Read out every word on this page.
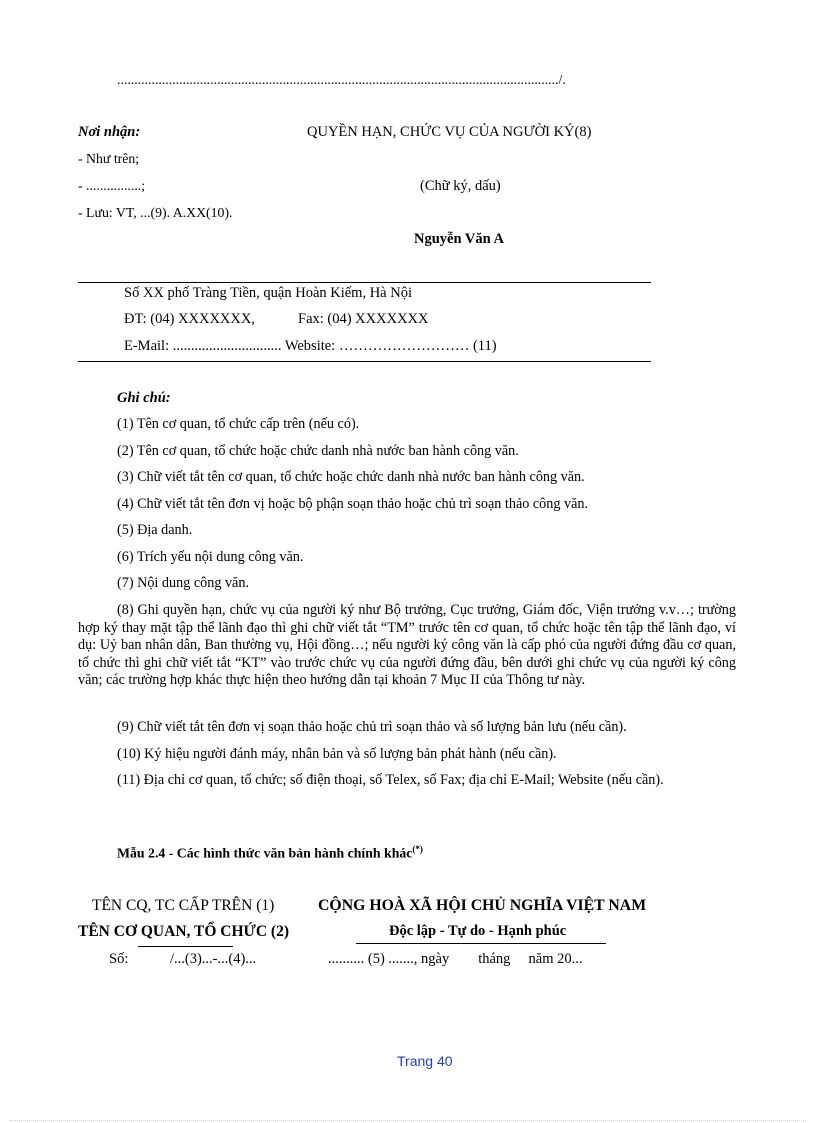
................................................................................................................................/.
Nơi nhận:
- Như trên;
- ................;
- Lưu: VT, ...(9). A.XX(10).
QUYỀN HẠN, CHỨC VỤ CỦA NGƯỜI KÝ(8)
(Chữ ký, dấu)
Nguyễn Văn A
Số XX phố Tràng Tiền, quận Hoàn Kiếm, Hà Nội
ĐT: (04) XXXXXXX,	Fax: (04) XXXXXXX
E-Mail: .............................. Website: ……………………… (11)
Ghi chú:
(1) Tên cơ quan, tổ chức cấp trên (nếu có).
(2) Tên cơ quan, tổ chức hoặc chức danh nhà nước ban hành công văn.
(3) Chữ viết tắt tên cơ quan, tổ chức hoặc chức danh nhà nước ban hành công văn.
(4) Chữ viết tắt tên đơn vị hoặc bộ phận soạn thảo hoặc chủ trì soạn thảo công văn.
(5) Địa danh.
(6) Trích yếu nội dung công văn.
(7) Nội dung công văn.
(8) Ghi quyền hạn, chức vụ của người ký như Bộ trưởng, Cục trưởng, Giám đốc, Viện trưởng v.v…; trường hợp ký thay mặt tập thể lãnh đạo thì ghi chữ viết tắt “TM” trước tên cơ quan, tổ chức hoặc tên tập thể lãnh đạo, ví dụ: Uỷ ban nhân dân, Ban thường vụ, Hội đồng…; nếu người ký công văn là cấp phó của người đứng đầu cơ quan, tổ chức thì ghi chữ viết tắt “KT” vào trước chức vụ của người đứng đầu, bên dưới ghi chức vụ của người ký công văn; các trường hợp khác thực hiện theo hướng dẫn tại khoản 7 Mục II của Thông tư này.
(9) Chữ viết tắt tên đơn vị soạn thảo hoặc chủ trì soạn thảo và số lượng bản lưu (nếu cần).
(10) Ký hiệu người đánh máy, nhân bản và số lượng bản phát hành (nếu cần).
(11) Địa chỉ cơ quan, tổ chức; số điện thoại, số Telex, số Fax; địa chỉ E-Mail; Website (nếu cần).
Mẫu 2.4 - Các hình thức văn bản hành chính khác(*)
TÊN CQ, TC CẤP TRÊN (1)
TÊN CƠ QUAN, TỔ CHỨC (2)
CỘNG HOÀ XÃ HỘI CHỦ NGHĨA VIỆT NAM
Độc lập - Tự do - Hạnh phúc
Số:	/...(3)...-...(4)...	.......... (5) ......., ngày        tháng     năm 20...
Trang 40
